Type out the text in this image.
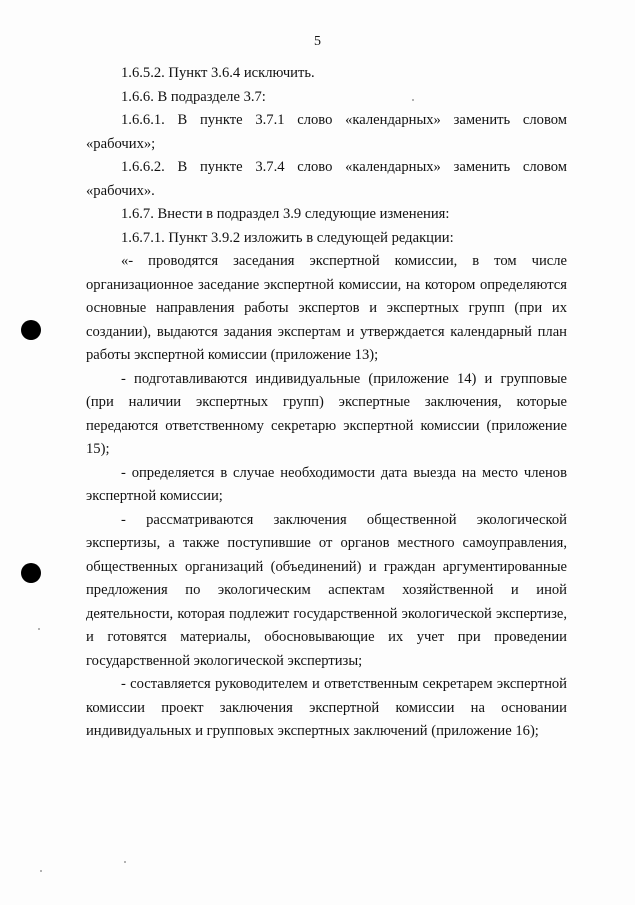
5

1.6.5.2. Пункт 3.6.4 исключить.

1.6.6. В подразделе 3.7:

1.6.6.1. В пункте 3.7.1 слово «календарных» заменить словом «рабочих»;

1.6.6.2. В пункте 3.7.4 слово «календарных» заменить словом «рабочих».

1.6.7. Внести в подраздел 3.9 следующие изменения:

1.6.7.1. Пункт 3.9.2 изложить в следующей редакции:

«- проводятся заседания экспертной комиссии, в том числе организационное заседание экспертной комиссии, на котором определяются основные направления работы экспертов и экспертных групп (при их создании), выдаются задания экспертам и утверждается календарный план работы экспертной комиссии (приложение 13);

- подготавливаются индивидуальные (приложение 14) и групповые (при наличии экспертных групп) экспертные заключения, которые передаются ответственному секретарю экспертной комиссии (приложение 15);

- определяется в случае необходимости дата выезда на место членов экспертной комиссии;

- рассматриваются заключения общественной экологической экспертизы, а также поступившие от органов местного самоуправления, общественных организаций (объединений) и граждан аргументированные предложения по экологическим аспектам хозяйственной и иной деятельности, которая подлежит государственной экологической экспертизе, и готовятся материалы, обосновывающие их учет при проведении государственной экологической экспертизы;

- составляется руководителем и ответственным секретарем экспертной комиссии проект заключения экспертной комиссии на основании индивидуальных и групповых экспертных заключений (приложение 16);
